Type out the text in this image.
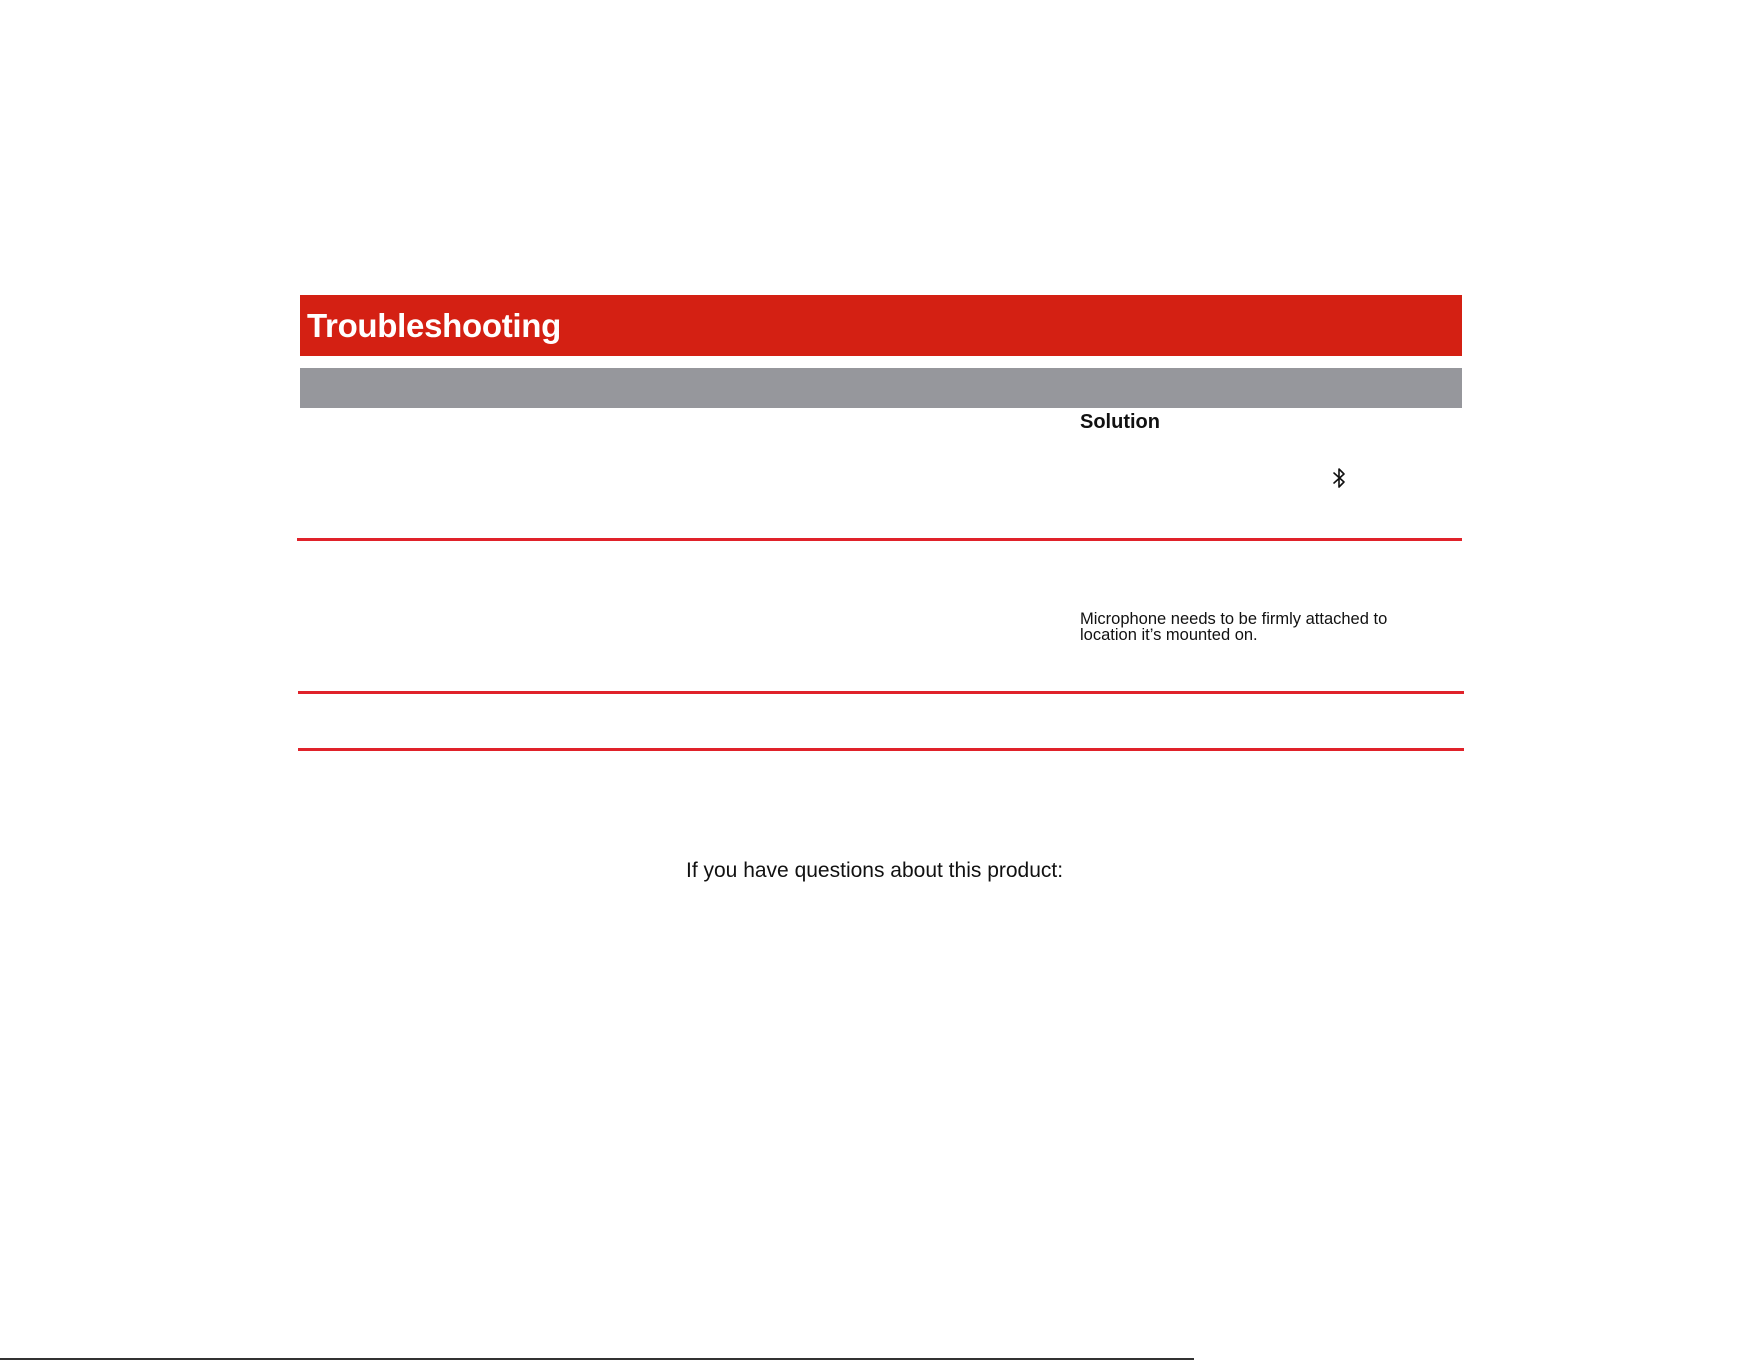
Troubleshooting
Solution
Microphone needs to be firmly attached to location it’s mounted on.
If you have questions about this product:
